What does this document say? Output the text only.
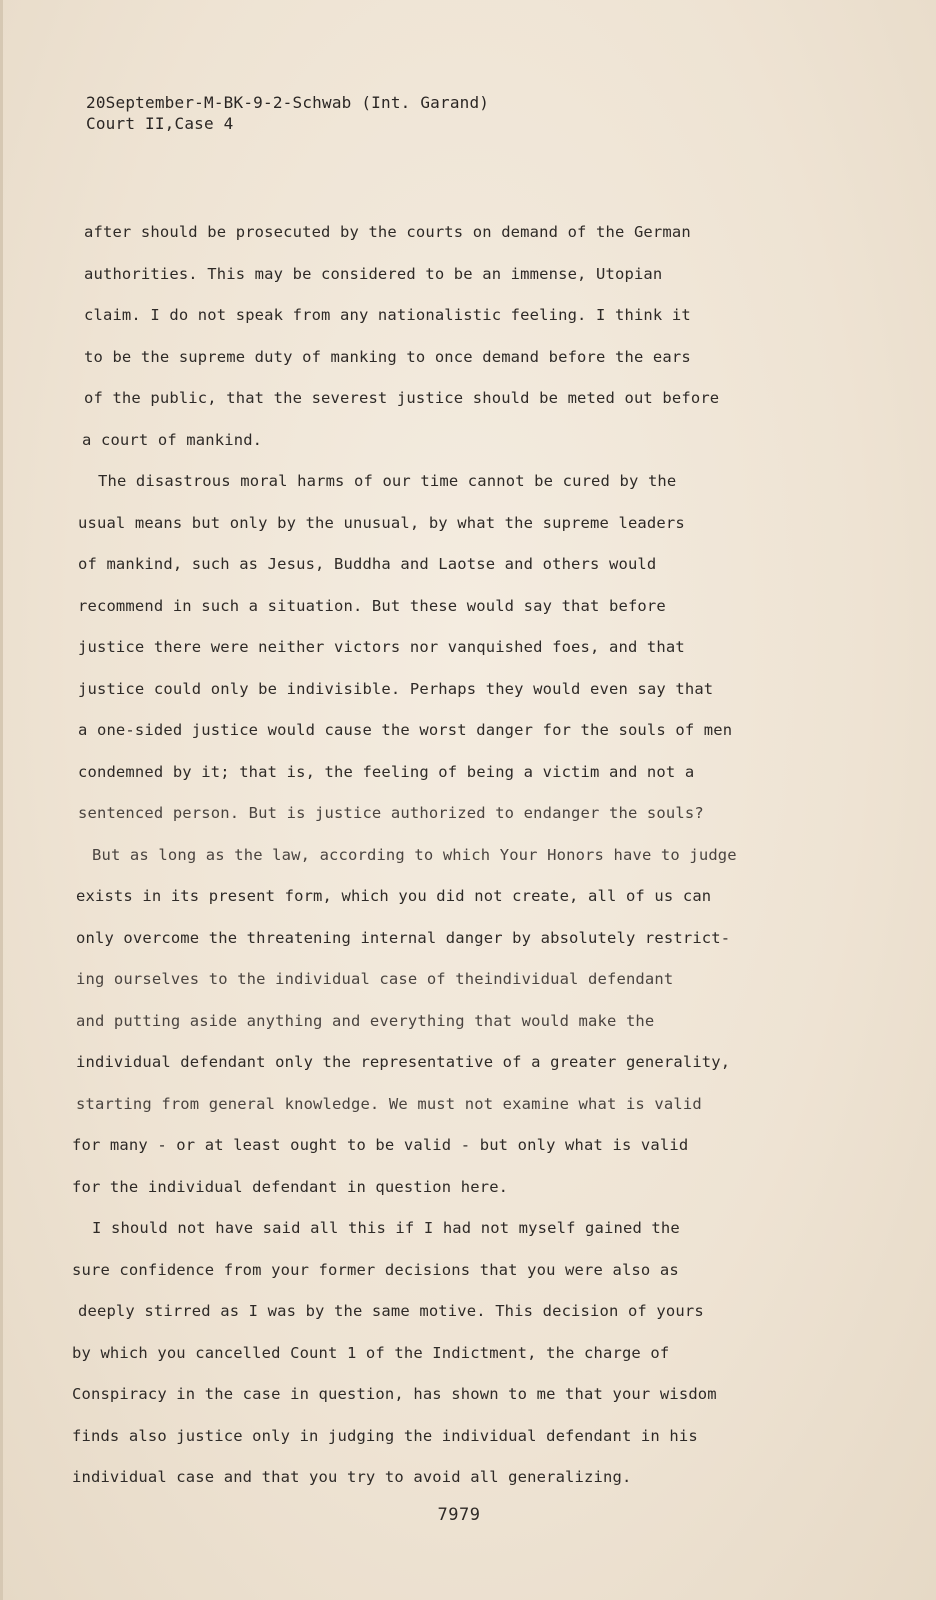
20September-M-BK-9-2-Schwab (Int. Garand)
Court II,Case 4
after should be prosecuted by the courts on demand of the German
authorities. This may be considered to be an immense, Utopian
claim. I do not speak from any nationalistic feeling. I think it
to be the supreme duty of manking to once demand before the ears
of the public, that the severest justice should be meted out before
a court of mankind.
The disastrous moral harms of our time cannot be cured by the
usual means but only by the unusual, by what the supreme leaders
of mankind, such as Jesus, Buddha and Laotse and others would
recommend in such a situation. But these would say that before
justice there were neither victors nor vanquished foes, and that
justice could only be indivisible. Perhaps they would even say that
a one-sided justice would cause the worst danger for the souls of men
condemned by it; that is, the feeling of being a victim and not a
sentenced person. But is justice authorized to endanger the souls?
But as long as the law, according to which Your Honors have to judge
exists in its present form, which you did not create, all of us can
only overcome the threatening internal danger by absolutely restrict-
ing ourselves to the individual case of theindividual defendant
and putting aside anything and everything that would make the
individual defendant only the representative of a greater generality,
starting from general knowledge. We must not examine what is valid
for many - or at least ought to be valid - but only what is valid
for the individual defendant in question here.
I should not have said all this if I had not myself gained the
sure confidence from your former decisions that you were also as
deeply stirred as I was by the same motive. This decision of yours
by which you cancelled Count 1 of the Indictment, the charge of
Conspiracy in the case in question, has shown to me that your wisdom
finds also justice only in judging the individual defendant in his
individual case and that you try to avoid all generalizing.
7979
